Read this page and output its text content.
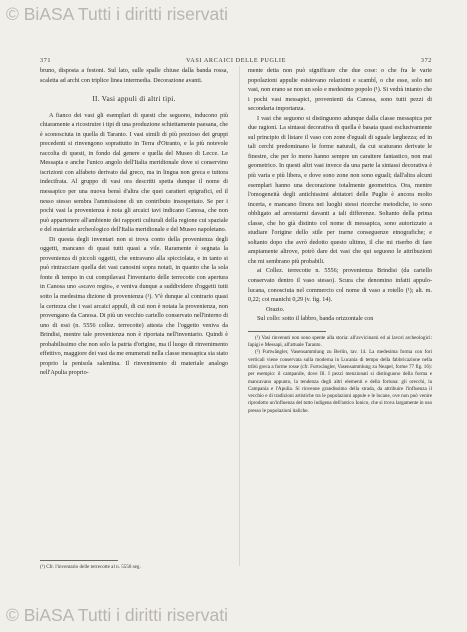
© BiASA Tutti i diritti riservati
371	VASI ARCAICI DELLE PUGLIE	372

bruno, disposta a festoni. Sul lato, sulle spalle chiuse dalla banda rossa, scaletta ad archi con triplice linea intermedia. Decorazione avanti.

II. Vasi appuli di altri tipi.

A fianco dei vasi gli esemplari di questi che seguono, inducono più chiaramente a ricostruire i tipi di una produzione schiettamente paesana, che è sconosciuta in quella di Taranto. I vasi simili di più prezioso dei gruppi precedenti si rinvengono soprattutto in Terra d'Otranto, e la più notevole raccolta di questi, in fondo dal genere e quella del Museo di Lecce. Le Messapia e anche l'unico angolo dell'Italia meridionale dove si conservino iscrizioni con alfabeto derivato dal greco, ma in lingua non greca e tuttora indecifrata. Al gruppo di vasi ora descritti spetta dunque il nome di messapico per una nuova bensì d'altra che quei caratteri epigrafici, ed il nesso stesso sembra l'ammissione di un contributo insospettato. Se per i pochi vasi la provenienza è nota gli arcaici tavi indicano Canosa, che non può appartenere all'ambiente dei rapporti culturali della regione cui spaziale e del materiale archeologico dell'Italia meridionale e del Museo napoletano.

Di questa degli inventari non si trova conto della provenienza degli oggetti, mancano di quasi tutti quasi a vile. Raramente è segnata la provenienza di piccoli oggetti, che entravano alla spicciolata, e in tanto si può rintracciare quella dei vasi canosini sopra notati, in quanto che la sola fonte di tempo in cui compilavasi l'inventario delle terrecotte con apertura in Canosa uno «scavo regio», e veniva dunque a suddividere d'oggetti tutti sotto la medesima dizione di provenienza (¹). V'è dunque al contrario quasi la certezza che i vasi arcaici appuli, di cui non è notata la provenienza, non provengano da Canosa. Di più un vecchio cartello conservato nell'interno di uno di essi (n. 5556 collez. terrecotte) attesta che l'oggetto veniva da Brindisi, mentre tale provenienza non è riportata nell'inventario. Quindi è probabilissimo che non solo la patria d'origine, ma il luogo di rinvenimento effettivo, maggiore dei vasi da me enumerati nella classe messapica sia stato proprio la penisola salentina. Il rinvenimento di materiale analogo nell'Apulia proprio-

(¹) Cfr. l'inventario delle terrecotte al n. 5558 seg.

mente detta non può significare che due cose: o che fra le varie popolazioni appulie esistevano relazioni e scambî, o che esse, solo nei vasi, non erano se non un solo e medesimo popolo (¹). Si vedrà intanto che i pochi vasi messapici, provenienti da Canosa, sono tutti pezzi di secondaria importanza.

I vasi che seguono si distinguono adunque dalla classe messapica per due ragioni. La sintassi decorativa di quella è basata quasi esclusivamente sul principio di listare il vaso con zone d'eguali di sguale larghezza; ed in tali cerchi predominano le forme naturali, da cui scaturano derivate le finestre, che per lo meno hanno sempre un carattere fantastico, non mai geometrico. In questi altri vasi invece da una parte la sintassi decorativa è più varia e più libera, e dove sono zone non sono eguali; dall'altra alcuni esemplari hanno una decorazione totalmente geometrica. Ora, mentre l'omogeneità degli antichissimi abitatori delle Puglie è ancora molto incerta, e mancano finora nei luoghi stessi ricerche metodiche, io sono obbligato ad arrestarmi davanti a tali differenze. Soltanto della prima classe, che ho già distinto col nome di messapica, sono autorizzato a studiare l'origine dello stile per trarne conseguenze etnografiche; e soltanto dopo che avrò dedotto questo ultimo, il che mi riserbo di fare ampiamente altrove, potrò dare dei vasi che qui seguono le attribuzioni che mi sembrano più probabili.

ai Collez. terrecotte n. 5556; provenienza Brindisi (da cartello conservato dentro il vaso stesso). Scura che denomino infatti appulo-lucana, conosciuta nel commercio col nome di vaso a rotello (¹); alt. m. 0,22; coi manichi 0,29 (v. fig. 14).

Orazio.

Sul collo: sotto il labbro, banda orizzontale con

(¹) Vasi rinvenuti non sono spente alla storia: all'avvicinarsi ed ai lavori archeologici: Iapigi e Messapi, all'attuale Taranto.

(²) Furtwängler, Vasensammlung zu Berlin, tav. 14. La medesima forma con fori verticali viene conservata sulla moderna in Lucania di tempo della fabbricazione nella tribù greca a forme rosse (cfr. Furtwängler, Vasensammlung zu Neapel, forme 77 fig. 16): per esempio: il campanile, dove Ill. I pezzi menzionati si distinguono della forma e mancavano appunto, la tendenza degli altri elementi e della fortuna: gli orecchi, la Campania e l'Apulia. Si rinvenne grandissimo della strada, da attribuire l'influenza il vecchio e di tradizioni artistiche tra le popolazioni appule e le lucane, ove non può venire riprodotto un'influenza del tutto indigena dell'antico Ionico, che si trova largamente in uso presso le popolazioni italiche.

© BiASA Tutti i diritti riservati
